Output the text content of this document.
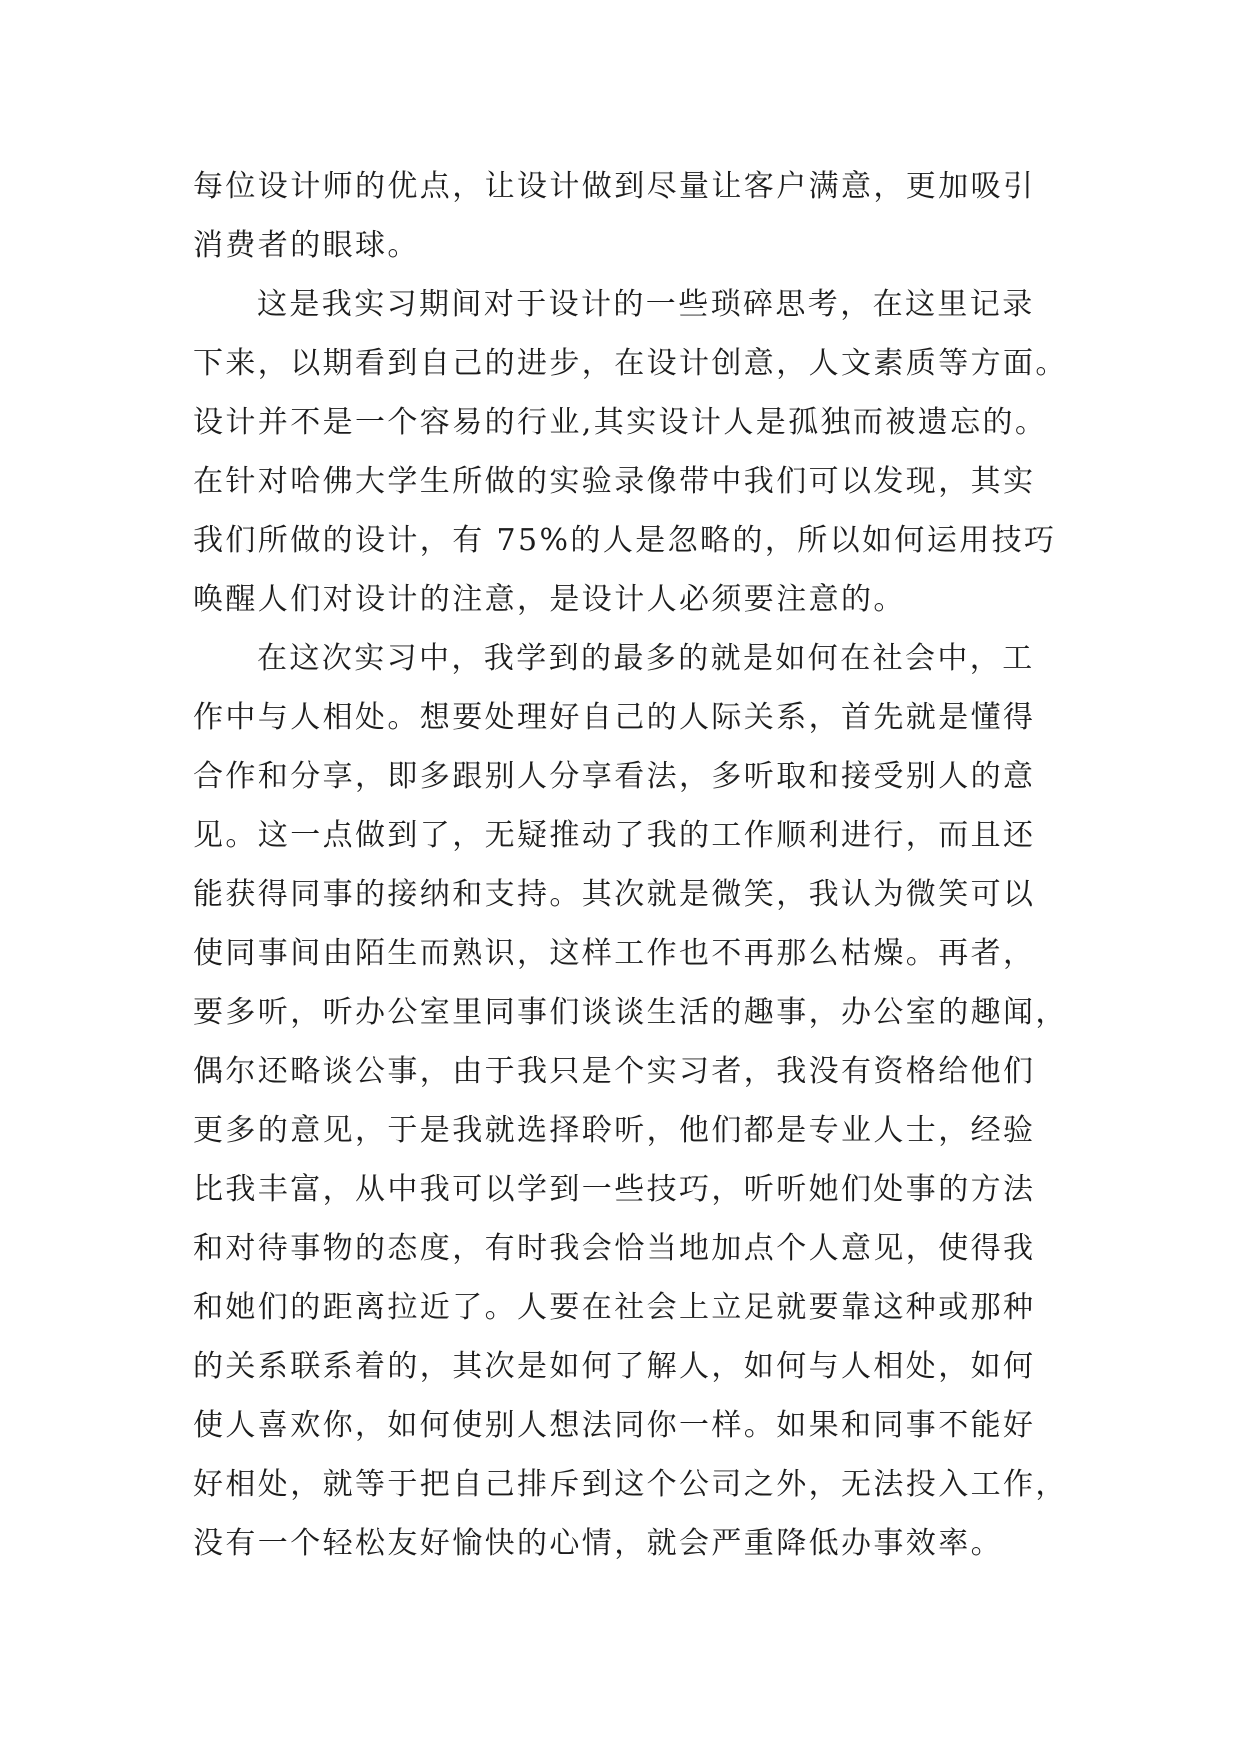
每位设计师的优点，让设计做到尽量让客户满意，更加吸引
消费者的眼球。
这是我实习期间对于设计的一些琐碎思考，在这里记录
下来，以期看到自己的进步，在设计创意，人文素质等方面。
设计并不是一个容易的行业,其实设计人是孤独而被遗忘的。
在针对哈佛大学生所做的实验录像带中我们可以发现，其实
我们所做的设计，有 75%的人是忽略的，所以如何运用技巧
唤醒人们对设计的注意，是设计人必须要注意的。
在这次实习中，我学到的最多的就是如何在社会中，工
作中与人相处。想要处理好自己的人际关系，首先就是懂得
合作和分享，即多跟别人分享看法，多听取和接受别人的意
见。这一点做到了，无疑推动了我的工作顺利进行，而且还
能获得同事的接纳和支持。其次就是微笑，我认为微笑可以
使同事间由陌生而熟识，这样工作也不再那么枯燥。再者，
要多听，听办公室里同事们谈谈生活的趣事，办公室的趣闻，
偶尔还略谈公事，由于我只是个实习者，我没有资格给他们
更多的意见，于是我就选择聆听，他们都是专业人士，经验
比我丰富，从中我可以学到一些技巧，听听她们处事的方法
和对待事物的态度，有时我会恰当地加点个人意见，使得我
和她们的距离拉近了。人要在社会上立足就要靠这种或那种
的关系联系着的，其次是如何了解人，如何与人相处，如何
使人喜欢你，如何使别人想法同你一样。如果和同事不能好
好相处，就等于把自己排斥到这个公司之外，无法投入工作，
没有一个轻松友好愉快的心情，就会严重降低办事效率。
